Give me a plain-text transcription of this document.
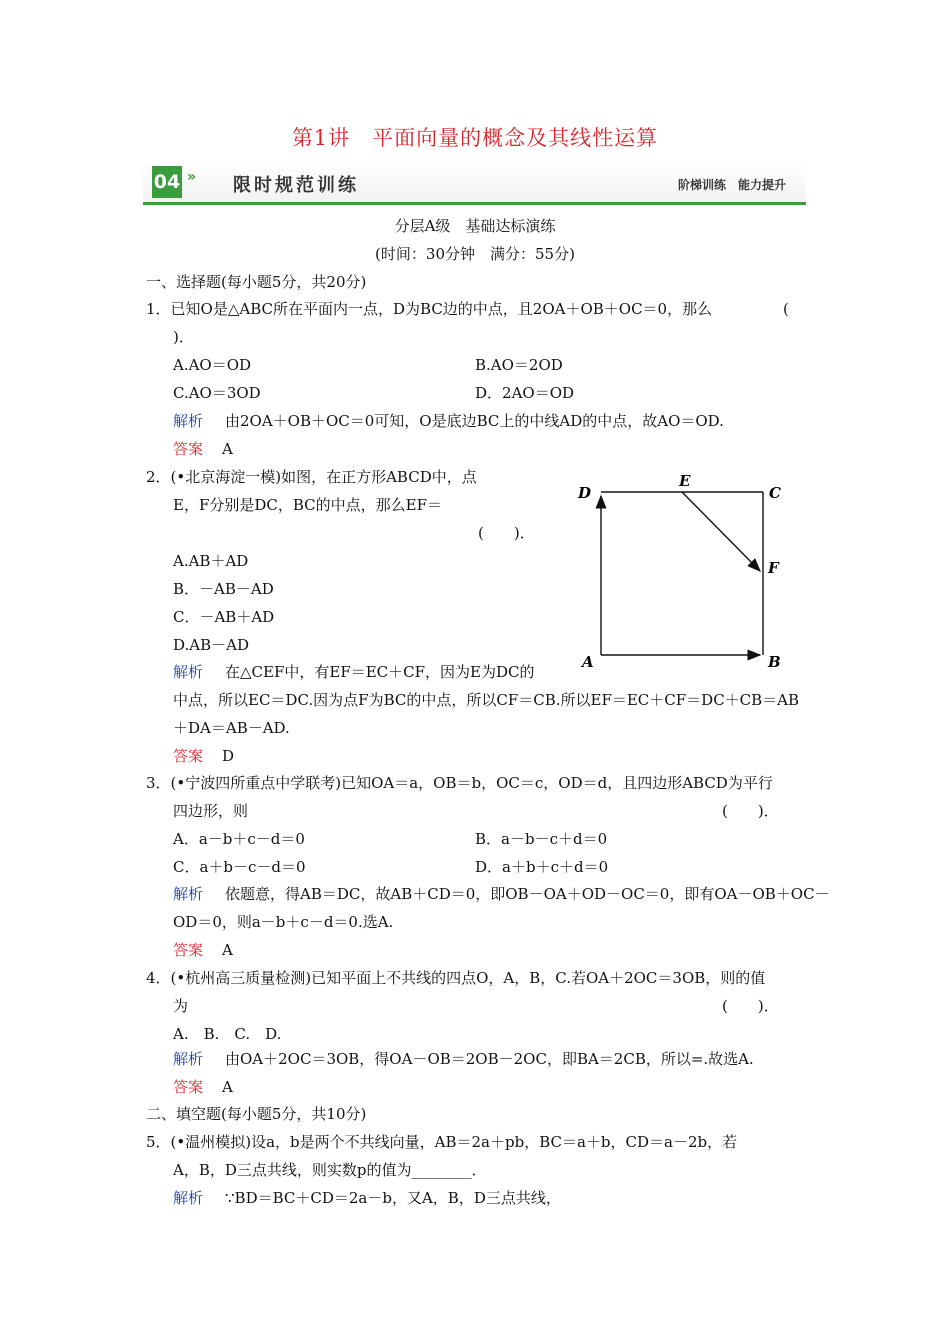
第1讲　平面向量的概念及其线性运算
04 » 限时规范训练	阶梯训练　能力提升
分层A级　基础达标演练
(时间：30分钟　满分：55分)
一、选择题(每小题5分，共20分)
1．已知O是△ABC所在平面内一点，D为BC边的中点，且2OA＋OB＋OC＝0，那么	(
)．
A.AO＝OD	B.AO＝2OD
C.AO＝3OD	D．2AO＝OD
解析 由2OA＋OB＋OC＝0可知，O是底边BC上的中线AD的中点，故AO＝OD.
答案 A
2．(•北京海淀一模)如图，在正方形ABCD中，点
E，F分别是DC，BC的中点，那么EF＝
(　　)．
A.AB＋AD
B．－AB－AD
C．－AB＋AD
D.AB－AD
解析 在△CEF中，有EF＝EC＋CF，因为E为DC的
中点，所以EC＝DC.因为点F为BC的中点，所以CF＝CB.所以EF＝EC＋CF＝DC＋CB＝AB
＋DA＝AB－AD.
答案 D
D
E
C
F
A	B
3．(•宁波四所重点中学联考)已知OA＝a，OB＝b，OC＝c，OD＝d，且四边形ABCD为平行
四边形，则	(　　)．
A．a－b＋c－d＝0	B．a－b－c＋d＝0
C．a＋b－c－d＝0	D．a＋b＋c＋d＝0
解析 依题意，得AB＝DC，故AB＋CD＝0，即OB－OA＋OD－OC＝0，即有OA－OB＋OC－
OD＝0，则a－b＋c－d＝0.选A.
答案 A
4．(•杭州高三质量检测)已知平面上不共线的四点O，A，B，C.若OA＋2OC＝3OB，则的值
为	(　　)．
A.　B.　C.　D.
解析 由OA＋2OC＝3OB，得OA－OB＝2OB－2OC，即BA＝2CB，所以=.故选A.
答案 A
二、填空题(每小题5分，共10分)
5．(•温州模拟)设a，b是两个不共线向量，AB＝2a＋pb，BC＝a＋b，CD＝a－2b，若
A，B，D三点共线，则实数p的值为________．
解析 ∵BD＝BC＋CD＝2a－b，又A，B，D三点共线，
